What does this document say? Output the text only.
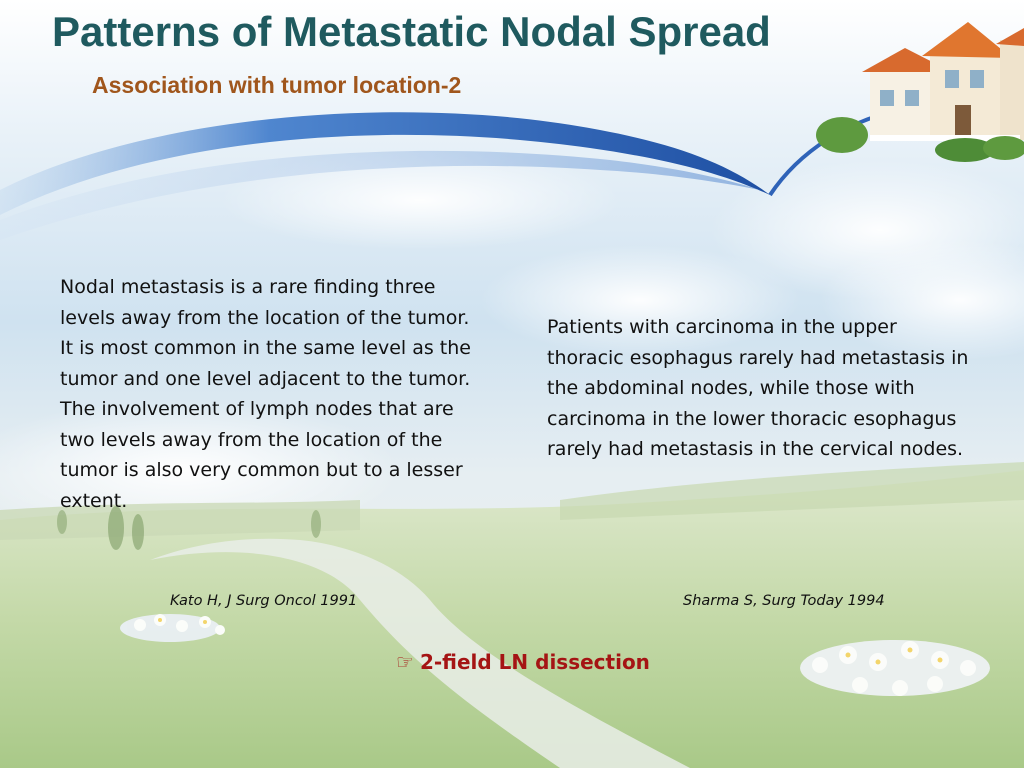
Patterns of Metastatic Nodal Spread
Association with tumor location-2

Nodal metastasis is a rare finding three levels away from the location of the tumor. It is most common in the same level as the tumor and one level adjacent to the tumor. The involvement of lymph nodes that are two levels away from the location of the tumor is also very common but to a lesser extent.

Patients with carcinoma in the upper thoracic esophagus rarely had metastasis in the abdominal nodes, while those with carcinoma in the lower thoracic esophagus rarely had metastasis in the cervical nodes.

Kato H, J Surg Oncol 1991	Sharma S, Surg Today 1994

☞ 2-field LN dissection
